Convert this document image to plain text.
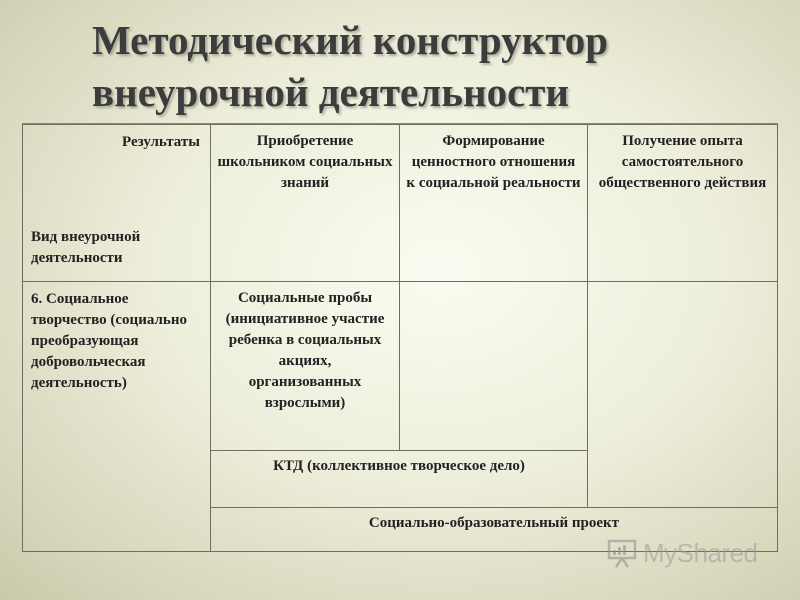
Методический конструктор
внеурочной деятельности
Результаты
Вид внеурочной деятельности
Приобретение школьником социальных знаний
Формирование ценностного отношения к социальной реальности
Получение опыта самостоятельного общественного действия
6. Социальное творчество (социально преобразующая добровольческая деятельность)
Социальные пробы (инициативное участие ребенка в социальных акциях, организованных взрослыми)
КТД (коллективное творческое дело)
Социально-образовательный проект
MyShared
